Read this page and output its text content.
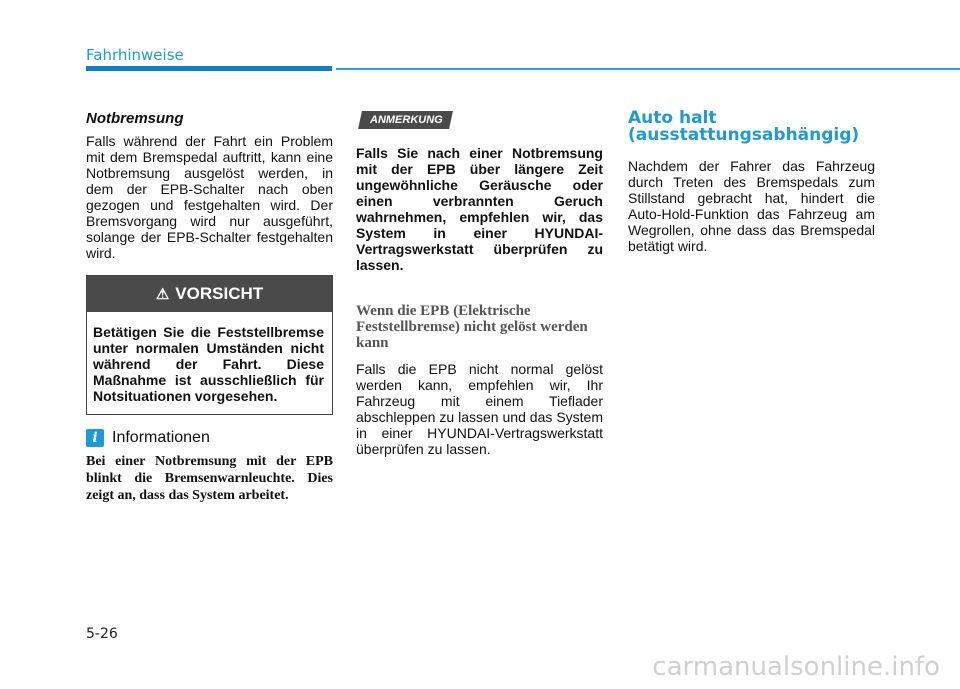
Fahrhinweise

Notbremsung

Falls während der Fahrt ein Problem mit dem Bremspedal auftritt, kann eine Notbremsung ausgelöst werden, in dem der EPB-Schalter nach oben gezogen und festgehalten wird. Der Bremsvorgang wird nur ausgeführt, solange der EPB-Schalter festgehalten wird.

⚠ VORSICHT

Betätigen Sie die Feststellbremse unter normalen Umständen nicht während der Fahrt. Diese Maßnahme ist ausschließlich für Notsituationen vorgesehen.

i Informationen

Bei einer Notbremsung mit der EPB blinkt die Bremsenwarnleuchte. Dies zeigt an, dass das System arbeitet.

ANMERKUNG

Falls Sie nach einer Notbremsung mit der EPB über längere Zeit ungewöhnliche Geräusche oder einen verbrannten Geruch wahrnehmen, empfehlen wir, das System in einer HYUNDAI-Vertragswerkstatt überprüfen zu lassen.

Wenn die EPB (Elektrische Feststellbremse) nicht gelöst werden kann

Falls die EPB nicht normal gelöst werden kann, empfehlen wir, Ihr Fahrzeug mit einem Tieflader abschleppen zu lassen und das System in einer HYUNDAI-Vertragswerkstatt überprüfen zu lassen.

Auto halt (ausstattungsabhängig)

Nachdem der Fahrer das Fahrzeug durch Treten des Bremspedals zum Stillstand gebracht hat, hindert die Auto-Hold-Funktion das Fahrzeug am Wegrollen, ohne dass das Bremspedal betätigt wird.

5-26
carmanualsonline.info
